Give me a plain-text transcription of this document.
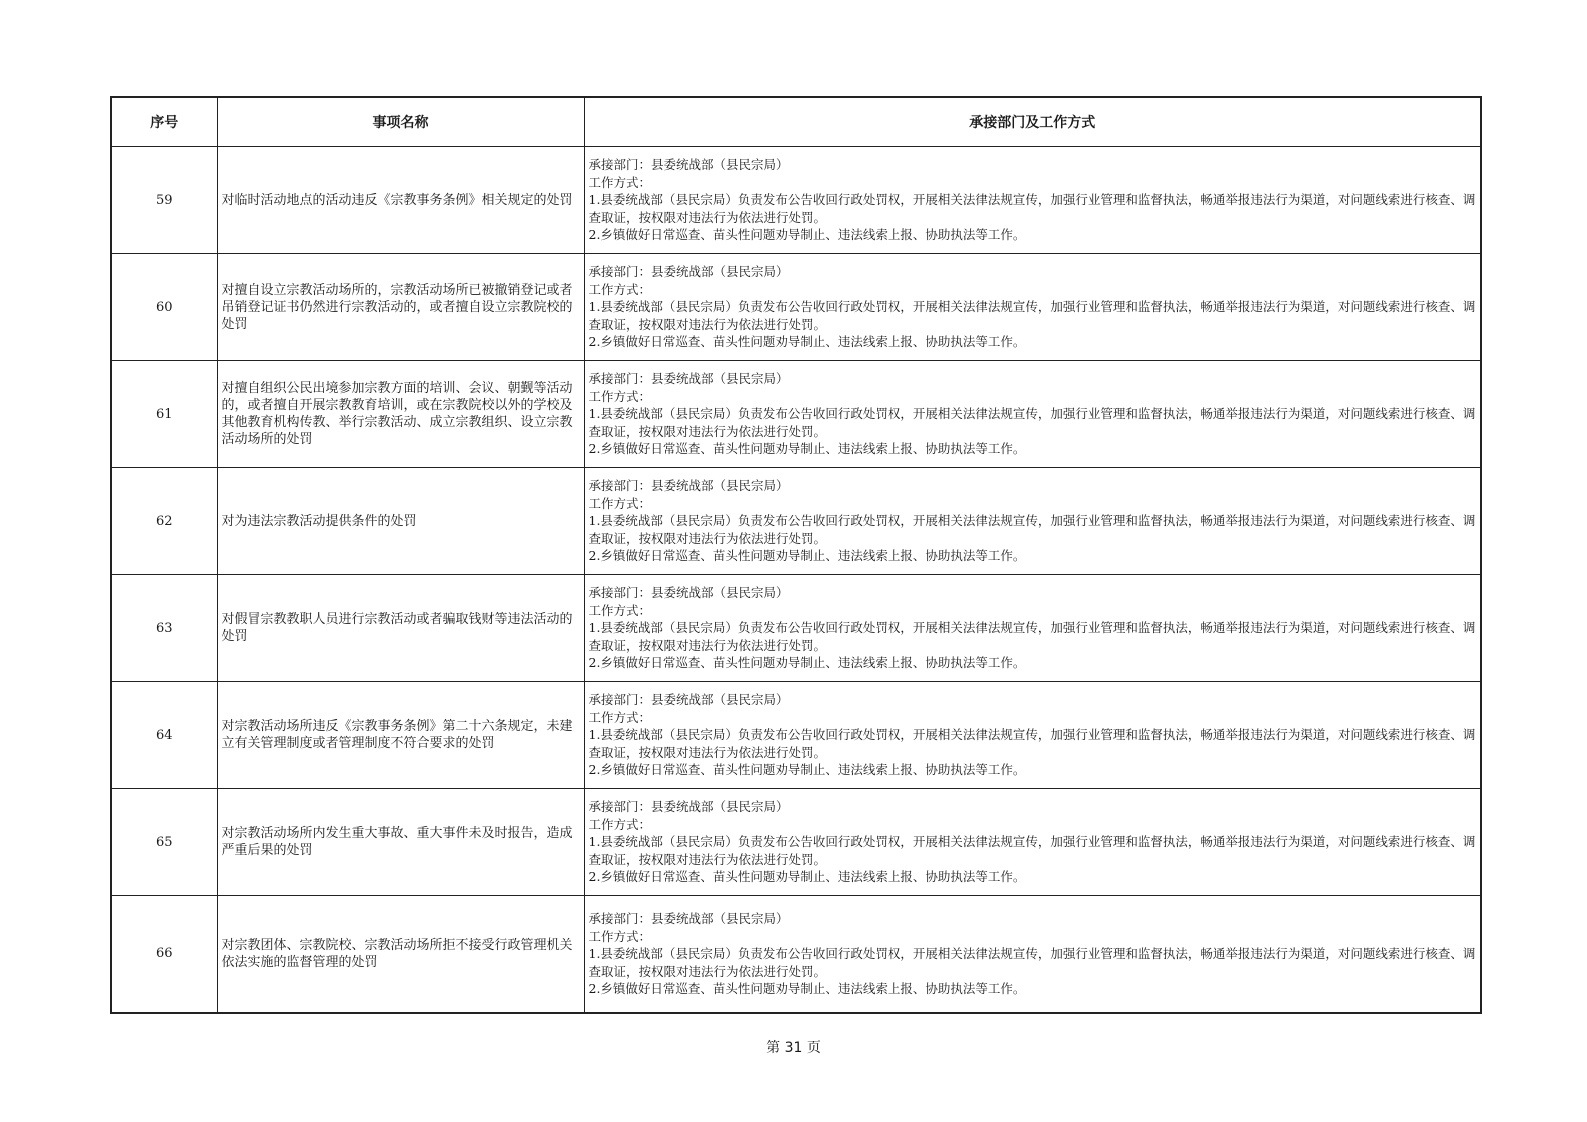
序号	事项名称	承接部门及工作方式
59	对临时活动地点的活动违反《宗教事务条例》相关规定的处罚	承接部门：县委统战部（县民宗局）
工作方式：
1.县委统战部（县民宗局）负责发布公告收回行政处罚权，开展相关法律法规宣传，加强行业管理和监督执法，畅通举报违法行为渠道，对问题线索进行核查、调查取证，按权限对违法行为依法进行处罚。
2.乡镇做好日常巡查、苗头性问题劝导制止、违法线索上报、协助执法等工作。

60	对擅自设立宗教活动场所的，宗教活动场所已被撤销登记或者吊销登记证书仍然进行宗教活动的，或者擅自设立宗教院校的处罚	承接部门：县委统战部（县民宗局）
工作方式：
1.县委统战部（县民宗局）负责发布公告收回行政处罚权，开展相关法律法规宣传，加强行业管理和监督执法，畅通举报违法行为渠道，对问题线索进行核查、调查取证，按权限对违法行为依法进行处罚。
2.乡镇做好日常巡查、苗头性问题劝导制止、违法线索上报、协助执法等工作。

61	对擅自组织公民出境参加宗教方面的培训、会议、朝觐等活动的，或者擅自开展宗教教育培训，或在宗教院校以外的学校及其他教育机构传教、举行宗教活动、成立宗教组织、设立宗教活动场所的处罚	承接部门：县委统战部（县民宗局）
工作方式：
1.县委统战部（县民宗局）负责发布公告收回行政处罚权，开展相关法律法规宣传，加强行业管理和监督执法，畅通举报违法行为渠道，对问题线索进行核查、调查取证，按权限对违法行为依法进行处罚。
2.乡镇做好日常巡查、苗头性问题劝导制止、违法线索上报、协助执法等工作。

62	对为违法宗教活动提供条件的处罚	承接部门：县委统战部（县民宗局）
工作方式：
1.县委统战部（县民宗局）负责发布公告收回行政处罚权，开展相关法律法规宣传，加强行业管理和监督执法，畅通举报违法行为渠道，对问题线索进行核查、调查取证，按权限对违法行为依法进行处罚。
2.乡镇做好日常巡查、苗头性问题劝导制止、违法线索上报、协助执法等工作。

63	对假冒宗教教职人员进行宗教活动或者骗取钱财等违法活动的处罚	承接部门：县委统战部（县民宗局）
工作方式：
1.县委统战部（县民宗局）负责发布公告收回行政处罚权，开展相关法律法规宣传，加强行业管理和监督执法，畅通举报违法行为渠道，对问题线索进行核查、调查取证，按权限对违法行为依法进行处罚。
2.乡镇做好日常巡查、苗头性问题劝导制止、违法线索上报、协助执法等工作。

64	对宗教活动场所违反《宗教事务条例》第二十六条规定，未建立有关管理制度或者管理制度不符合要求的处罚	承接部门：县委统战部（县民宗局）
工作方式：
1.县委统战部（县民宗局）负责发布公告收回行政处罚权，开展相关法律法规宣传，加强行业管理和监督执法，畅通举报违法行为渠道，对问题线索进行核查、调查取证，按权限对违法行为依法进行处罚。
2.乡镇做好日常巡查、苗头性问题劝导制止、违法线索上报、协助执法等工作。

65	对宗教活动场所内发生重大事故、重大事件未及时报告，造成严重后果的处罚	承接部门：县委统战部（县民宗局）
工作方式：
1.县委统战部（县民宗局）负责发布公告收回行政处罚权，开展相关法律法规宣传，加强行业管理和监督执法，畅通举报违法行为渠道，对问题线索进行核查、调查取证，按权限对违法行为依法进行处罚。
2.乡镇做好日常巡查、苗头性问题劝导制止、违法线索上报、协助执法等工作。

66	对宗教团体、宗教院校、宗教活动场所拒不接受行政管理机关依法实施的监督管理的处罚	承接部门：县委统战部（县民宗局）
工作方式：
1.县委统战部（县民宗局）负责发布公告收回行政处罚权，开展相关法律法规宣传，加强行业管理和监督执法，畅通举报违法行为渠道，对问题线索进行核查、调查取证，按权限对违法行为依法进行处罚。
2.乡镇做好日常巡查、苗头性问题劝导制止、违法线索上报、协助执法等工作。
第 31 页
